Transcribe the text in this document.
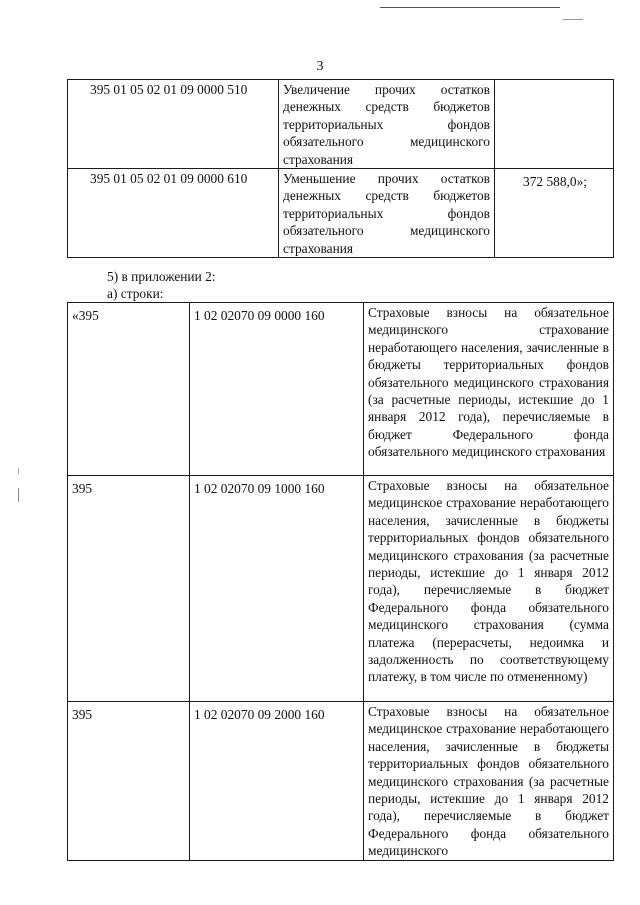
3
395 01 05 02 01 09 0000 510	Увеличение прочих остатков денежных средств бюджетов территориальных фондов обязательного медицинского страхования	
395 01 05 02 01 09 0000 610	Уменьшение прочих остатков денежных средств бюджетов территориальных фондов обязательного медицинского страхования	372 588,0»;
5) в приложении 2:
а) строки:
«395	1 02 02070 09 0000 160	Страховые взносы на обязательное медицинского страхование неработающего населения, зачисленные в бюджеты территориальных фондов обязательного медицинского страхования (за расчетные периоды, истекшие до 1 января 2012 года), перечисляемые в бюджет Федерального фонда обязательного медицинского страхования
395	1 02 02070 09 1000 160	Страховые взносы на обязательное медицинское страхование неработающего населения, зачисленные в бюджеты территориальных фондов обязательного медицинского страхования (за расчетные периоды, истекшие до 1 января 2012 года), перечисляемые в бюджет Федерального фонда обязательного медицинского страхования (сумма платежа (перерасчеты, недоимка и задолженность по соответствующему платежу, в том числе по отмененному)
395	1 02 02070 09 2000 160	Страховые взносы на обязательное медицинское страхование неработающего населения, зачисленные в бюджеты территориальных фондов обязательного медицинского страхования (за расчетные периоды, истекшие до 1 января 2012 года), перечисляемые в бюджет Федерального фонда обязательного медицинского
